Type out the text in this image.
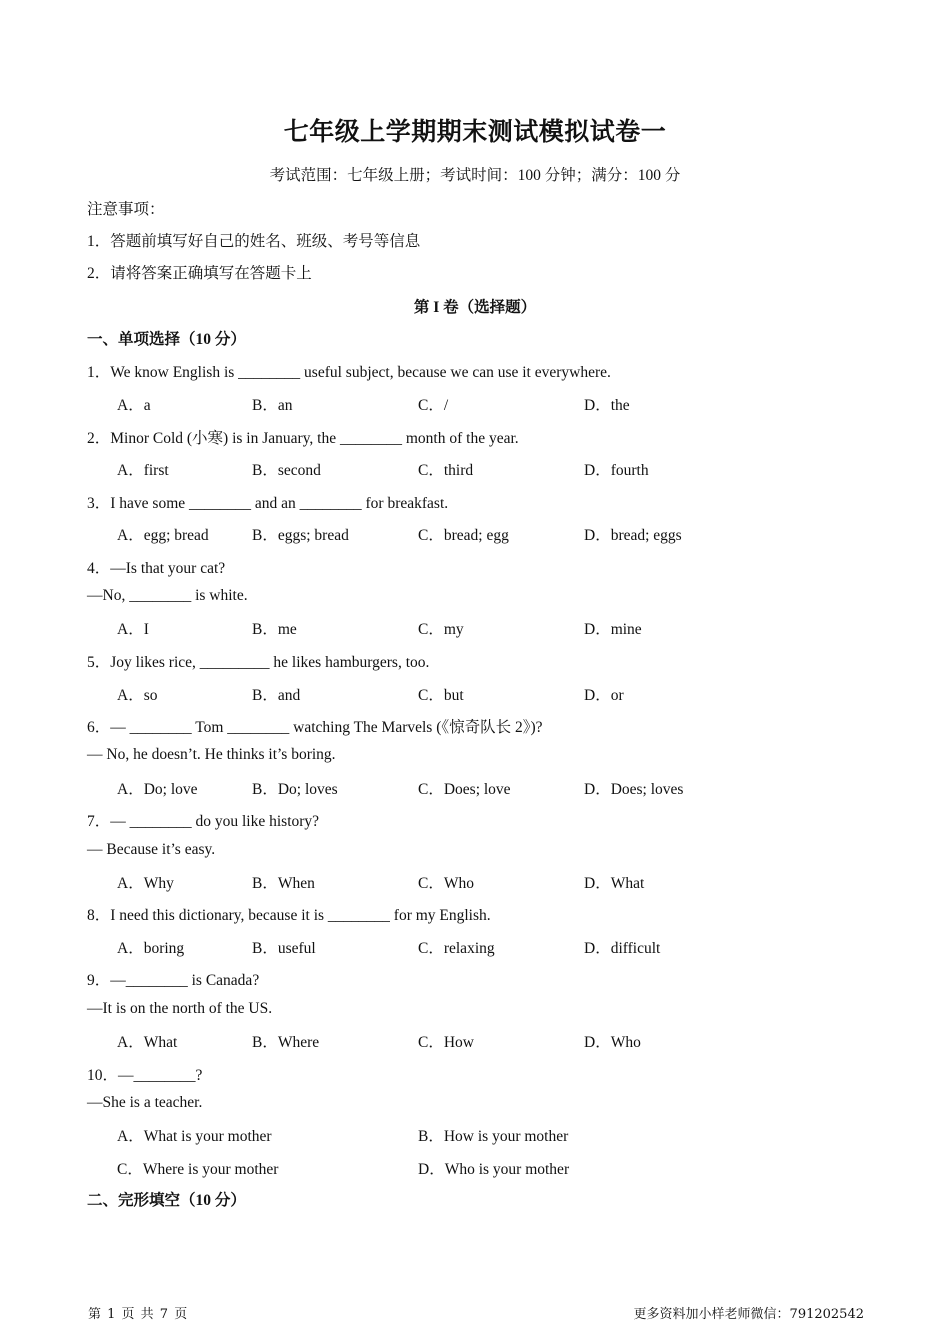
七年级上学期期末测试模拟试卷一
考试范围：七年级上册；考试时间：100 分钟；满分：100 分
注意事项：
1．答题前填写好自己的姓名、班级、考号等信息
2．请将答案正确填写在答题卡上
第 I 卷（选择题）
一、单项选择（10 分）
1．We know English is ________ useful subject, because we can use it everywhere.
A．a	B．an	C．/	D．the
2．Minor Cold (小寒) is in January, the ________ month of the year.
A．first	B．second	C．third	D．fourth
3．I have some ________ and an ________ for breakfast.
A．egg; bread	B．eggs; bread	C．bread; egg	D．bread; eggs
4．—Is that your cat?
—No, ________ is white.
A．I	B．me	C．my	D．mine
5．Joy likes rice, _________ he likes hamburgers, too.
A．so	B．and	C．but	D．or
6．— ________ Tom ________ watching The Marvels (《惊奇队长 2》)?
— No, he doesn’t. He thinks it’s boring.
A．Do; love	B．Do; loves	C．Does; love	D．Does; loves
7．— ________ do you like history?
— Because it’s easy.
A．Why	B．When	C．Who	D．What
8．I need this dictionary, because it is ________ for my English.
A．boring	B．useful	C．relaxing	D．difficult
9．—________ is Canada?
—It is on the north of the US.
A．What	B．Where	C．How	D．Who
10．—________?
—She is a teacher.
A．What is your mother	B．How is your mother
C．Where is your mother	D．Who is your mother
二、完形填空（10 分）
第 1 页 共 7 页	更多资料加小样老师微信：791202542
